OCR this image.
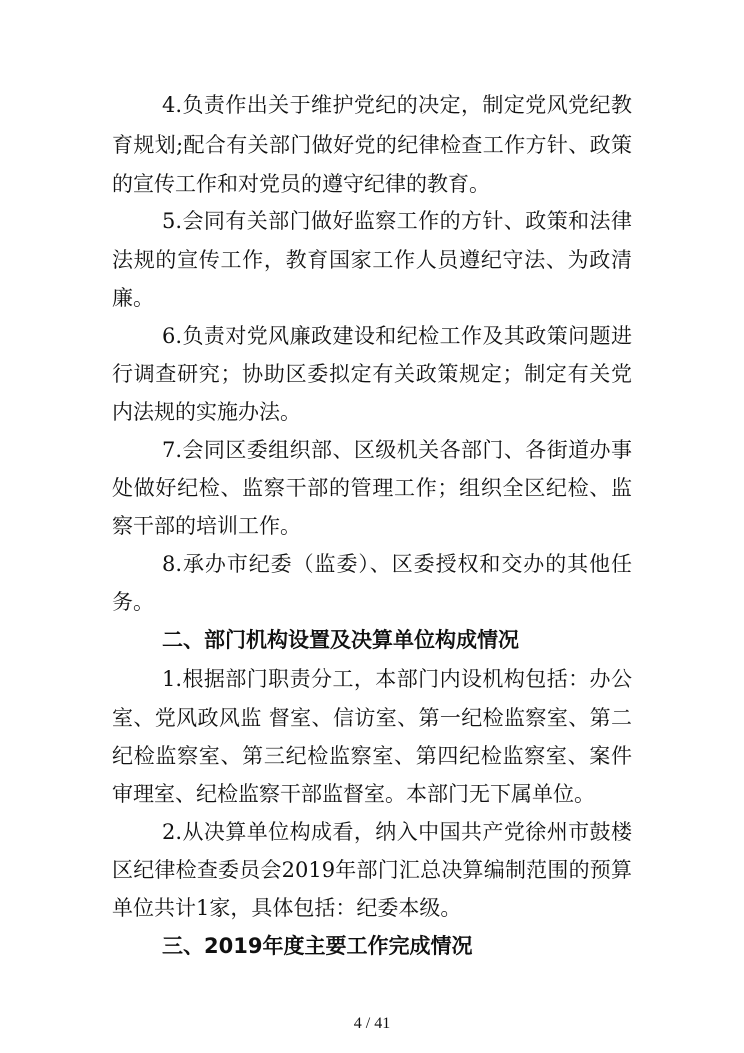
4.负责作出关于维护党纪的决定，制定党风党纪教
育规划;配合有关部门做好党的纪律检查工作方针、政策
的宣传工作和对党员的遵守纪律的教育。
5.会同有关部门做好监察工作的方针、政策和法律
法规的宣传工作，教育国家工作人员遵纪守法、为政清
廉。
6.负责对党风廉政建设和纪检工作及其政策问题进
行调查研究；协助区委拟定有关政策规定；制定有关党
内法规的实施办法。
7.会同区委组织部、区级机关各部门、各街道办事
处做好纪检、监察干部的管理工作；组织全区纪检、监
察干部的培训工作。
8.承办市纪委（监委）、区委授权和交办的其他任
务。
二、部门机构设置及决算单位构成情况
1.根据部门职责分工，本部门内设机构包括：办公
室、党风政风监 督室、信访室、第一纪检监察室、第二
纪检监察室、第三纪检监察室、第四纪检监察室、案件
审理室、纪检监察干部监督室。本部门无下属单位。
2.从决算单位构成看，纳入中国共产党徐州市鼓楼
区纪律检查委员会2019年部门汇总决算编制范围的预算
单位共计1家，具体包括：纪委本级。
三、2019年度主要工作完成情况
4 / 41
